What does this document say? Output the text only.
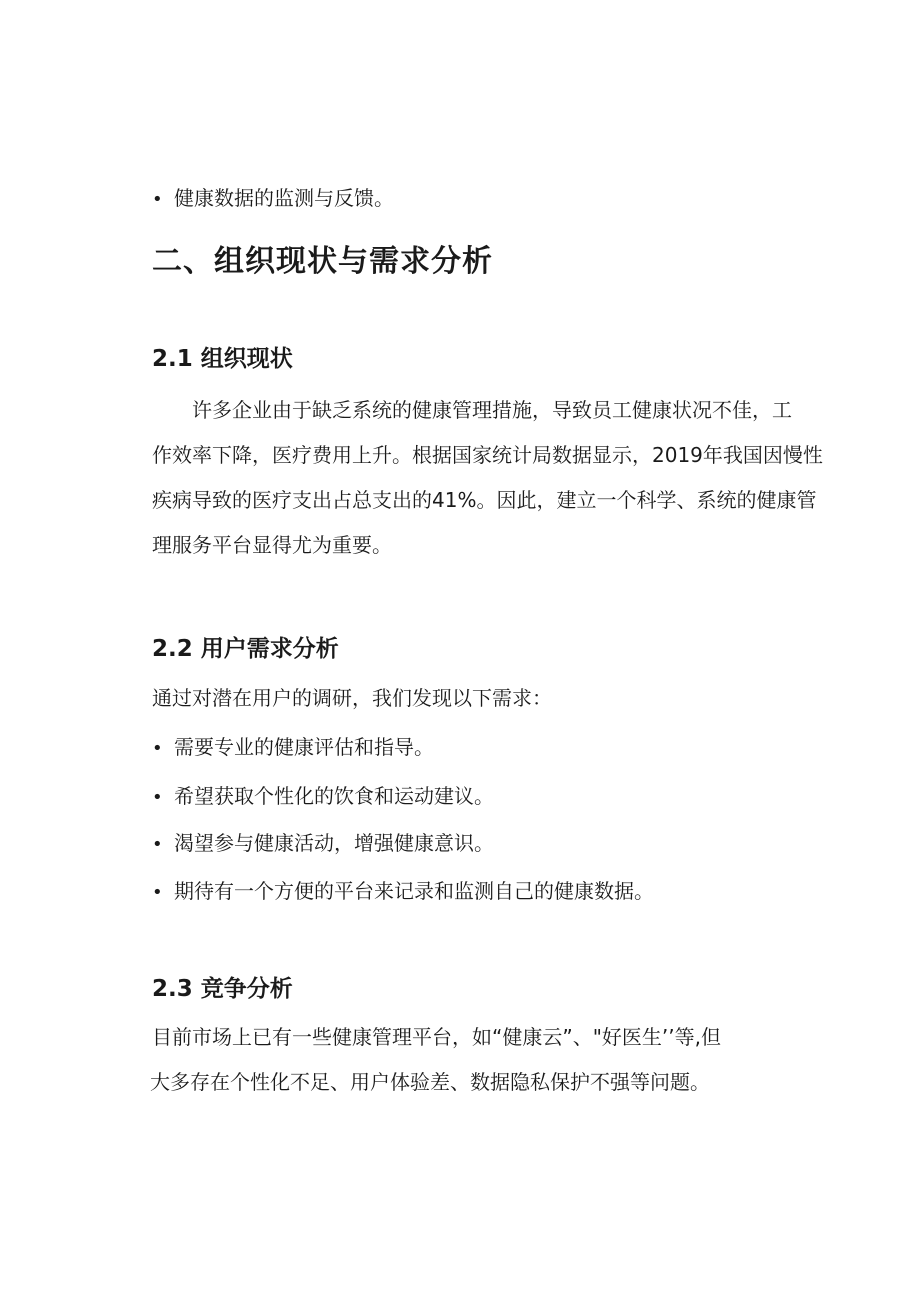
• 健康数据的监测与反馈。
二、组织现状与需求分析
2.1 组织现状
许多企业由于缺乏系统的健康管理措施，导致员工健康状况不佳，工
作效率下降，医疗费用上升。根据国家统计局数据显示，2019年我国因慢性
疾病导致的医疗支出占总支出的41%。因此，建立一个科学、系统的健康管
理服务平台显得尤为重要。
2.2 用户需求分析
通过对潜在用户的调研，我们发现以下需求：
• 需要专业的健康评估和指导。
• 希望获取个性化的饮食和运动建议。
• 渴望参与健康活动，增强健康意识。
• 期待有一个方便的平台来记录和监测自己的健康数据。
2.3 竞争分析
目前市场上已有一些健康管理平台，如“健康云”、"好医生’’等,但
大多存在个性化不足、用户体验差、数据隐私保护不强等问题。
